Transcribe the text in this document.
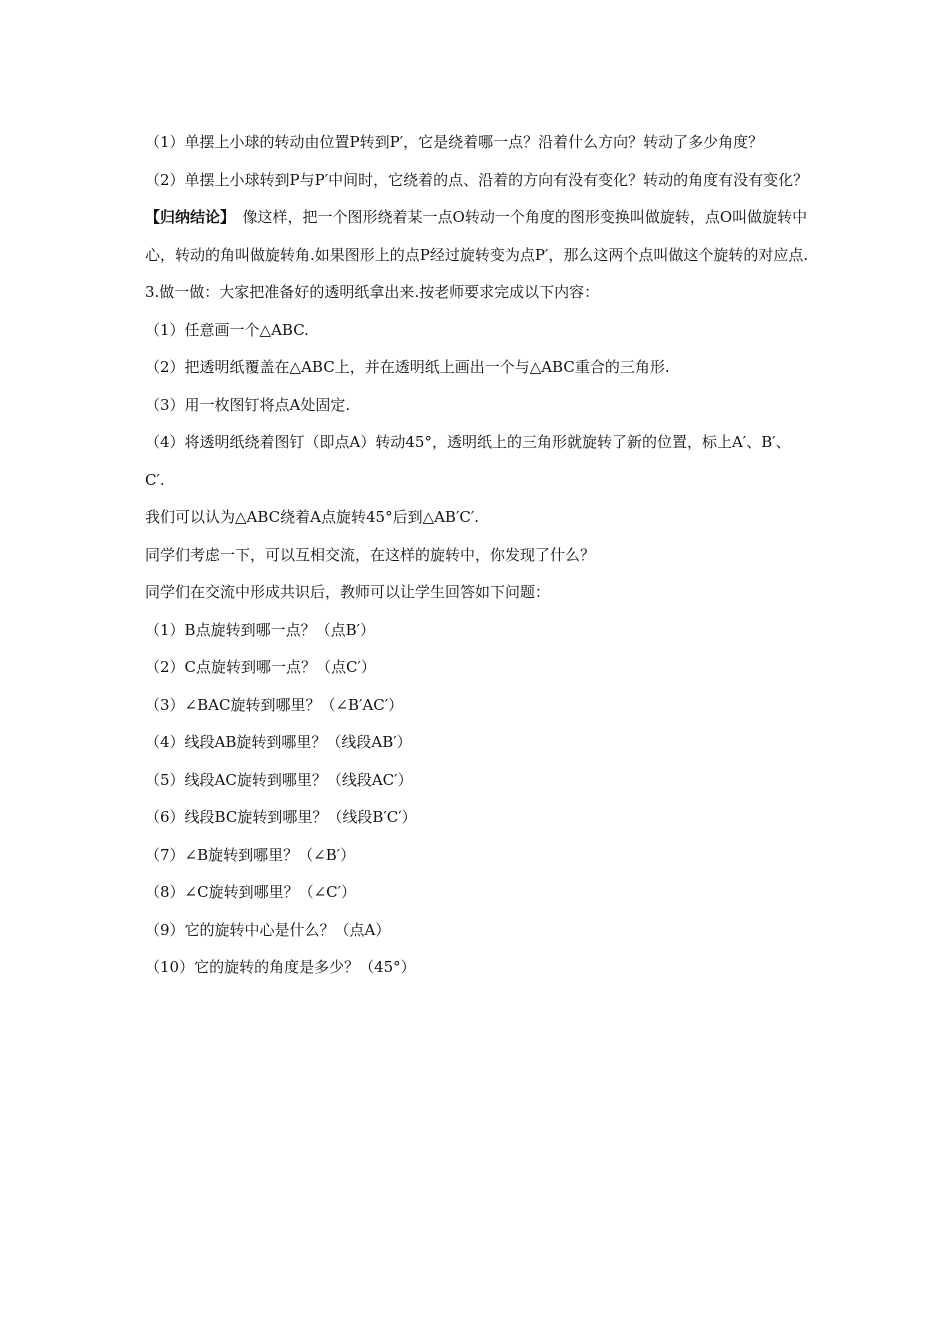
（1）单摆上小球的转动由位置P转到P′，它是绕着哪一点？沿着什么方向？转动了多少角度？

（2）单摆上小球转到P与P′中间时，它绕着的点、沿着的方向有没有变化？转动的角度有没有变化？

【归纳结论】　像这样，把一个图形绕着某一点O转动一个角度的图形变换叫做旋转，点O叫做旋转中心，转动的角叫做旋转角.如果图形上的点P经过旋转变为点P′，那么这两个点叫做这个旋转的对应点.

3.做一做：大家把准备好的透明纸拿出来.按老师要求完成以下内容：

（1）任意画一个△ABC.

（2）把透明纸覆盖在△ABC上，并在透明纸上画出一个与△ABC重合的三角形.

（3）用一枚图钉将点A处固定.

（4）将透明纸绕着图钉（即点A）转动45°，透明纸上的三角形就旋转了新的位置，标上A′、B′、C′.

我们可以认为△ABC绕着A点旋转45°后到△AB′C′.

同学们考虑一下，可以互相交流，在这样的旋转中，你发现了什么？

同学们在交流中形成共识后，教师可以让学生回答如下问题：

（1）B点旋转到哪一点？（点B′）

（2）C点旋转到哪一点？（点C′）

（3）∠BAC旋转到哪里？（∠B′AC′）

（4）线段AB旋转到哪里？（线段AB′）

（5）线段AC旋转到哪里？（线段AC′）

（6）线段BC旋转到哪里？（线段B′C′）

（7）∠B旋转到哪里？（∠B′）

（8）∠C旋转到哪里？（∠C′）

（9）它的旋转中心是什么？（点A）

（10）它的旋转的角度是多少？（45°）
